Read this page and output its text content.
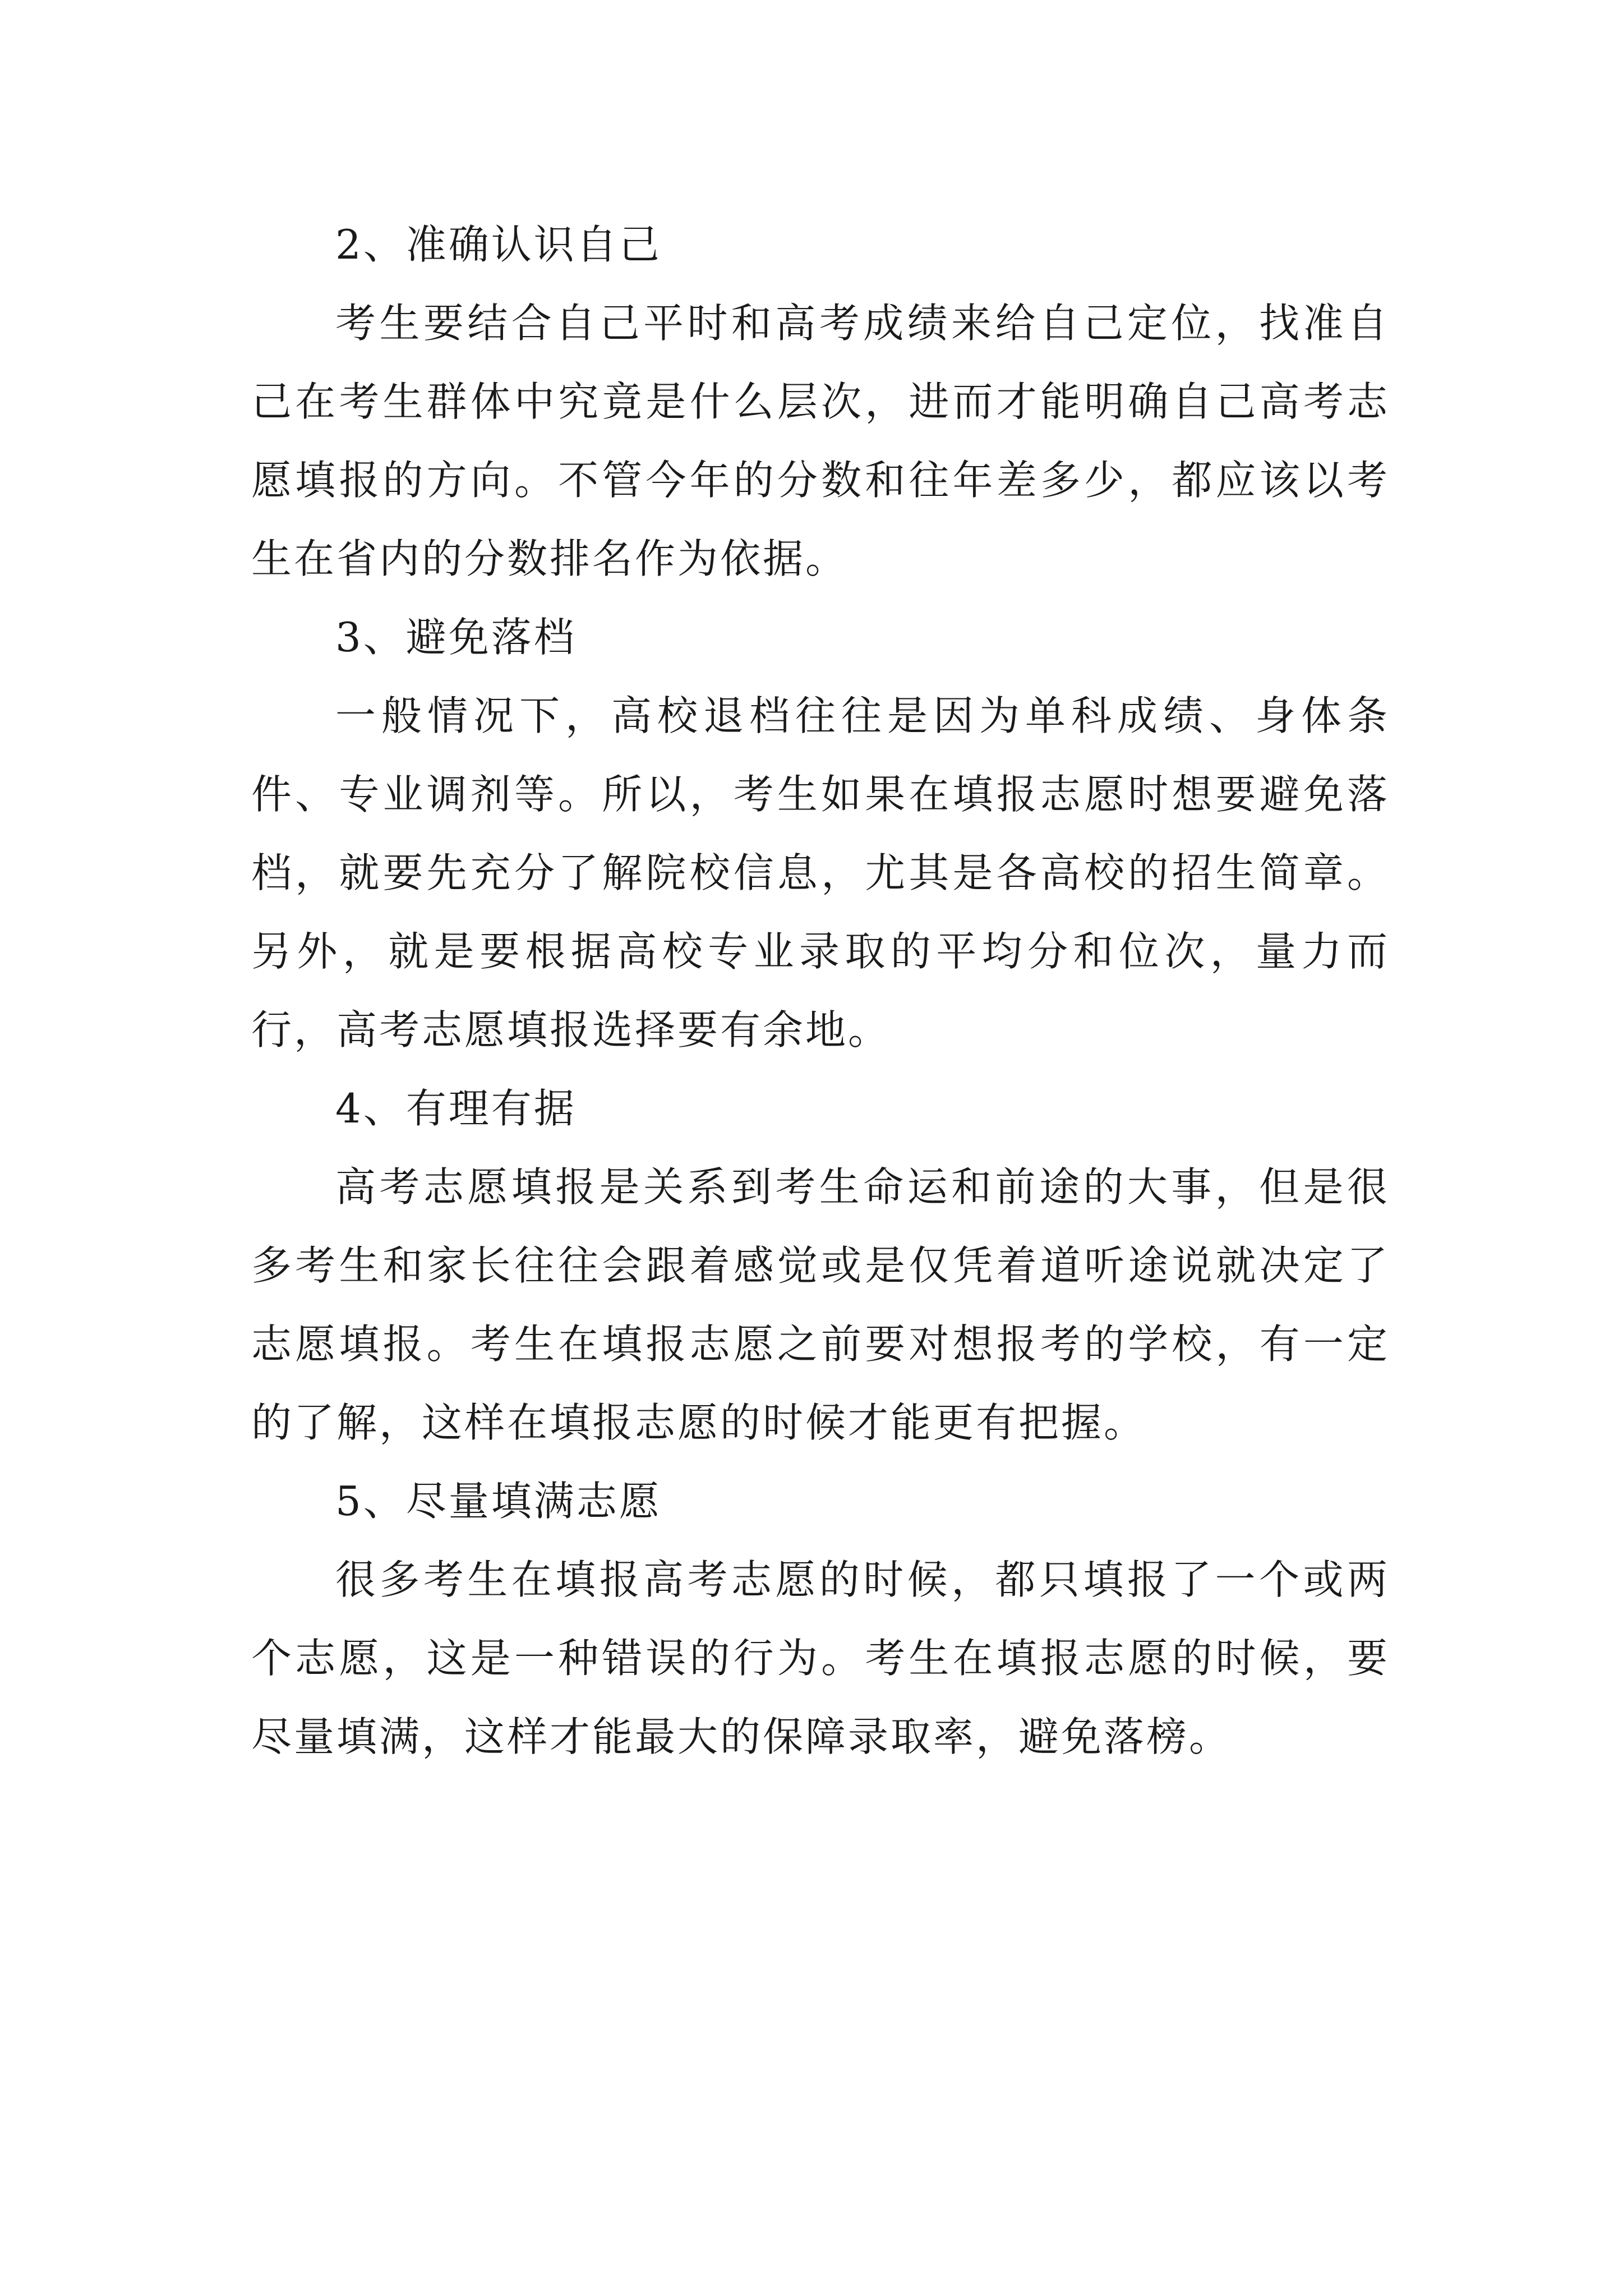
2、准确认识自己

考生要结合自己平时和高考成绩来给自己定位，找准自己在考生群体中究竟是什么层次，进而才能明确自己高考志愿填报的方向。不管今年的分数和往年差多少，都应该以考生在省内的分数排名作为依据。

3、避免落档

一般情况下，高校退档往往是因为单科成绩、身体条件、专业调剂等。所以，考生如果在填报志愿时想要避免落档，就要先充分了解院校信息，尤其是各高校的招生简章。另外，就是要根据高校专业录取的平均分和位次，量力而行，高考志愿填报选择要有余地。

4、有理有据

高考志愿填报是关系到考生命运和前途的大事，但是很多考生和家长往往会跟着感觉或是仅凭着道听途说就决定了志愿填报。考生在填报志愿之前要对想报考的学校，有一定的了解，这样在填报志愿的时候才能更有把握。

5、尽量填满志愿

很多考生在填报高考志愿的时候，都只填报了一个或两个志愿，这是一种错误的行为。考生在填报志愿的时候，要尽量填满，这样才能最大的保障录取率，避免落榜。
